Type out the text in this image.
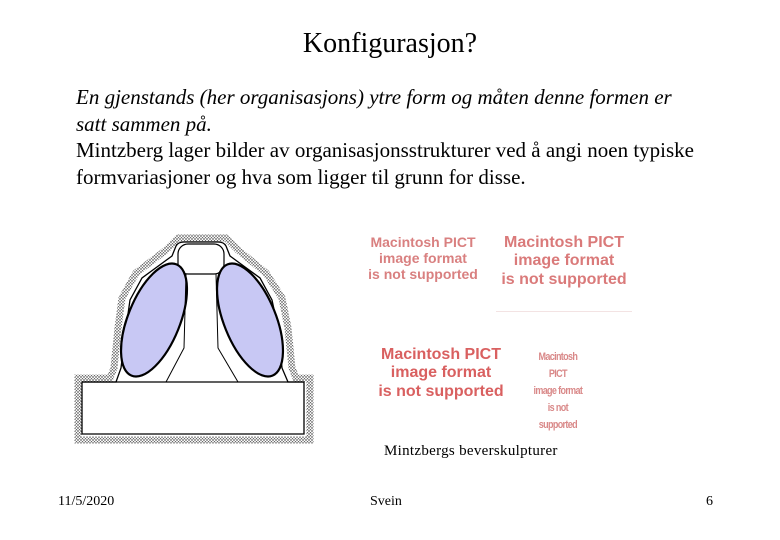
Konfigurasjon?
En gjenstands (her organisasjons) ytre form og måten denne formen er satt sammen på.
Mintzberg lager bilder av organisasjonsstrukturer ved å angi noen typiske formvariasjoner og hva som ligger til grunn for disse.
Macintosh PICT
image format
is not supported
Macintosh PICT
image format
is not supported
Macintosh PICT
image format
is not supported
Macintosh PICT
image format
is not supported
Mintzbergs beverskulpturer
11/5/2020	Svein	6
